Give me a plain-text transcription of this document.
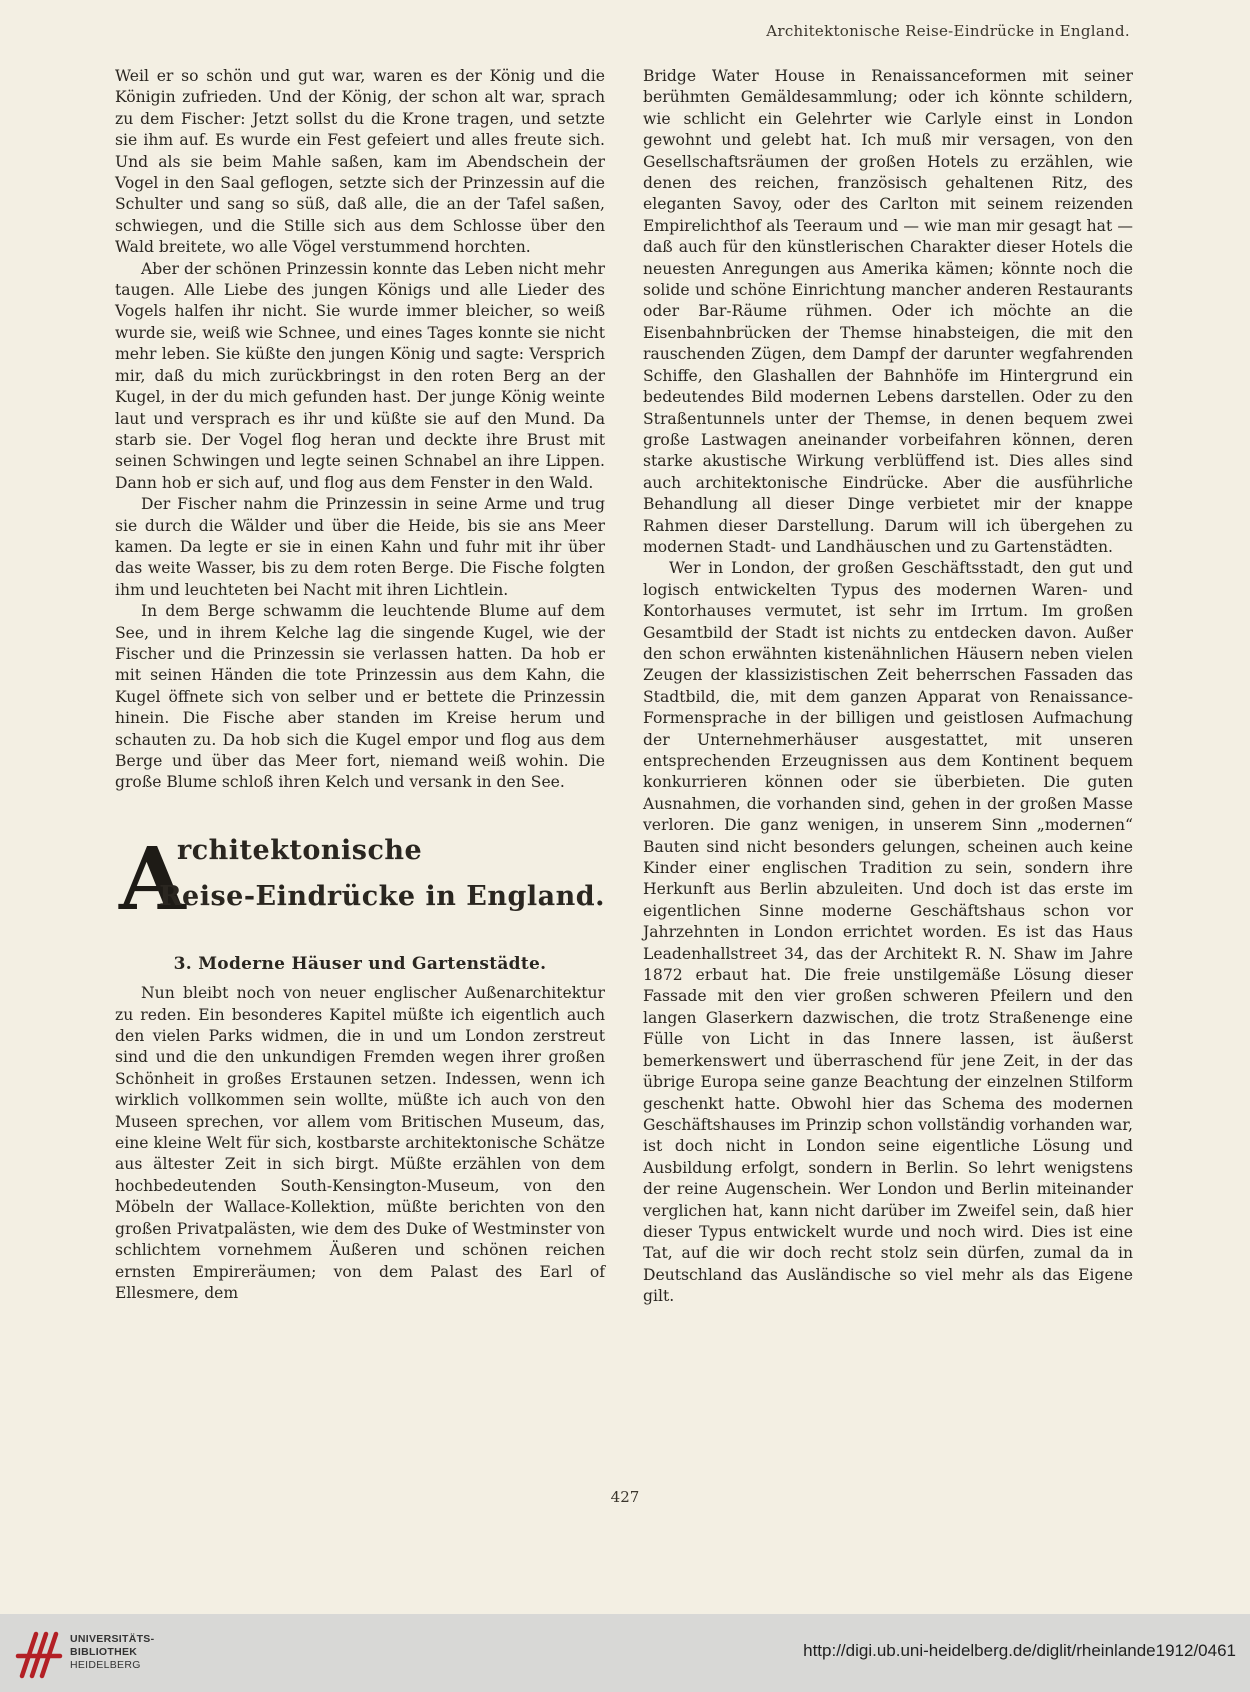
Architektonische Reise-Eindrücke in England.

Weil er so schön und gut war, waren es der König und die Königin zufrieden. Und der König, der schon alt war, sprach zu dem Fischer: Jetzt sollst du die Krone tragen, und setzte sie ihm auf. Es wurde ein Fest gefeiert und alles freute sich. Und als sie beim Mahle saßen, kam im Abendschein der Vogel in den Saal geflogen, setzte sich der Prinzessin auf die Schulter und sang so süß, daß alle, die an der Tafel saßen, schwiegen, und die Stille sich aus dem Schlosse über den Wald breitete, wo alle Vögel verstummend horchten.

Aber der schönen Prinzessin konnte das Leben nicht mehr taugen. Alle Liebe des jungen Königs und alle Lieder des Vogels halfen ihr nicht. Sie wurde immer bleicher, so weiß wurde sie, weiß wie Schnee, und eines Tages konnte sie nicht mehr leben. Sie küßte den jungen König und sagte: Versprich mir, daß du mich zurückbringst in den roten Berg an der Kugel, in der du mich gefunden hast. Der junge König weinte laut und versprach es ihr und küßte sie auf den Mund. Da starb sie. Der Vogel flog heran und deckte ihre Brust mit seinen Schwingen und legte seinen Schnabel an ihre Lippen. Dann hob er sich auf, und flog aus dem Fenster in den Wald.

Der Fischer nahm die Prinzessin in seine Arme und trug sie durch die Wälder und über die Heide, bis sie ans Meer kamen. Da legte er sie in einen Kahn und fuhr mit ihr über das weite Wasser, bis zu dem roten Berge. Die Fische folgten ihm und leuchteten bei Nacht mit ihren Lichtlein.

In dem Berge schwamm die leuchtende Blume auf dem See, und in ihrem Kelche lag die singende Kugel, wie der Fischer und die Prinzessin sie verlassen hatten. Da hob er mit seinen Händen die tote Prinzessin aus dem Kahn, die Kugel öffnete sich von selber und er bettete die Prinzessin hinein. Die Fische aber standen im Kreise herum und schauten zu. Da hob sich die Kugel empor und flog aus dem Berge und über das Meer fort, niemand weiß wohin. Die große Blume schloß ihren Kelch und versank in den See.

A
rchitektonische
Reise-Eindrücke in England.
3. Moderne Häuser und Gartenstädte.

Nun bleibt noch von neuer englischer Außenarchitektur zu reden. Ein besonderes Kapitel müßte ich eigentlich auch den vielen Parks widmen, die in und um London zerstreut sind und die den unkundigen Fremden wegen ihrer großen Schönheit in großes Erstaunen setzen. Indessen, wenn ich wirklich vollkommen sein wollte, müßte ich auch von den Museen sprechen, vor allem vom Britischen Museum, das, eine kleine Welt für sich, kostbarste architektonische Schätze aus ältester Zeit in sich birgt. Müßte erzählen von dem hochbedeutenden South-Kensington-Museum, von den Möbeln der Wallace-Kollektion, müßte berichten von den großen Privatpalästen, wie dem des Duke of Westminster von schlichtem vornehmem Äußeren und schönen reichen ernsten Empireräumen; von dem Palast des Earl of Ellesmere, dem

Bridge Water House in Renaissanceformen mit seiner berühmten Gemäldesammlung; oder ich könnte schildern, wie schlicht ein Gelehrter wie Carlyle einst in London gewohnt und gelebt hat. Ich muß mir versagen, von den Gesellschaftsräumen der großen Hotels zu erzählen, wie denen des reichen, französisch gehaltenen Ritz, des eleganten Savoy, oder des Carlton mit seinem reizenden Empirelichthof als Teeraum und — wie man mir gesagt hat — daß auch für den künstlerischen Charakter dieser Hotels die neuesten Anregungen aus Amerika kämen; könnte noch die solide und schöne Einrichtung mancher anderen Restaurants oder Bar-Räume rühmen. Oder ich möchte an die Eisenbahnbrücken der Themse hinabsteigen, die mit den rauschenden Zügen, dem Dampf der darunter wegfahrenden Schiffe, den Glashallen der Bahnhöfe im Hintergrund ein bedeutendes Bild modernen Lebens darstellen. Oder zu den Straßentunnels unter der Themse, in denen bequem zwei große Lastwagen aneinander vorbeifahren können, deren starke akustische Wirkung verblüffend ist. Dies alles sind auch architektonische Eindrücke. Aber die ausführliche Behandlung all dieser Dinge verbietet mir der knappe Rahmen dieser Darstellung. Darum will ich übergehen zu modernen Stadt- und Landhäuschen und zu Gartenstädten.

Wer in London, der großen Geschäftsstadt, den gut und logisch entwickelten Typus des modernen Waren- und Kontorhauses vermutet, ist sehr im Irrtum. Im großen Gesamtbild der Stadt ist nichts zu entdecken davon. Außer den schon erwähnten kistenähnlichen Häusern neben vielen Zeugen der klassizistischen Zeit beherrschen Fassaden das Stadtbild, die, mit dem ganzen Apparat von Renaissance-Formensprache in der billigen und geistlosen Aufmachung der Unternehmerhäuser ausgestattet, mit unseren entsprechenden Erzeugnissen aus dem Kontinent bequem konkurrieren können oder sie überbieten. Die guten Ausnahmen, die vorhanden sind, gehen in der großen Masse verloren. Die ganz wenigen, in unserem Sinn „modernen“ Bauten sind nicht besonders gelungen, scheinen auch keine Kinder einer englischen Tradition zu sein, sondern ihre Herkunft aus Berlin abzuleiten. Und doch ist das erste im eigentlichen Sinne moderne Geschäftshaus schon vor Jahrzehnten in London errichtet worden. Es ist das Haus Leadenhallstreet 34, das der Architekt R. N. Shaw im Jahre 1872 erbaut hat. Die freie unstilgemäße Lösung dieser Fassade mit den vier großen schweren Pfeilern und den langen Glaserkern dazwischen, die trotz Straßenenge eine Fülle von Licht in das Innere lassen, ist äußerst bemerkenswert und überraschend für jene Zeit, in der das übrige Europa seine ganze Beachtung der einzelnen Stilform geschenkt hatte. Obwohl hier das Schema des modernen Geschäftshauses im Prinzip schon vollständig vorhanden war, ist doch nicht in London seine eigentliche Lösung und Ausbildung erfolgt, sondern in Berlin. So lehrt wenigstens der reine Augenschein. Wer London und Berlin miteinander verglichen hat, kann nicht darüber im Zweifel sein, daß hier dieser Typus entwickelt wurde und noch wird. Dies ist eine Tat, auf die wir doch recht stolz sein dürfen, zumal da in Deutschland das Ausländische so viel mehr als das Eigene gilt.

427
UNIVERSITÄTS-
BIBLIOTHEK
HEIDELBERG
http://digi.ub.uni-heidelberg.de/diglit/rheinlande1912/0461
